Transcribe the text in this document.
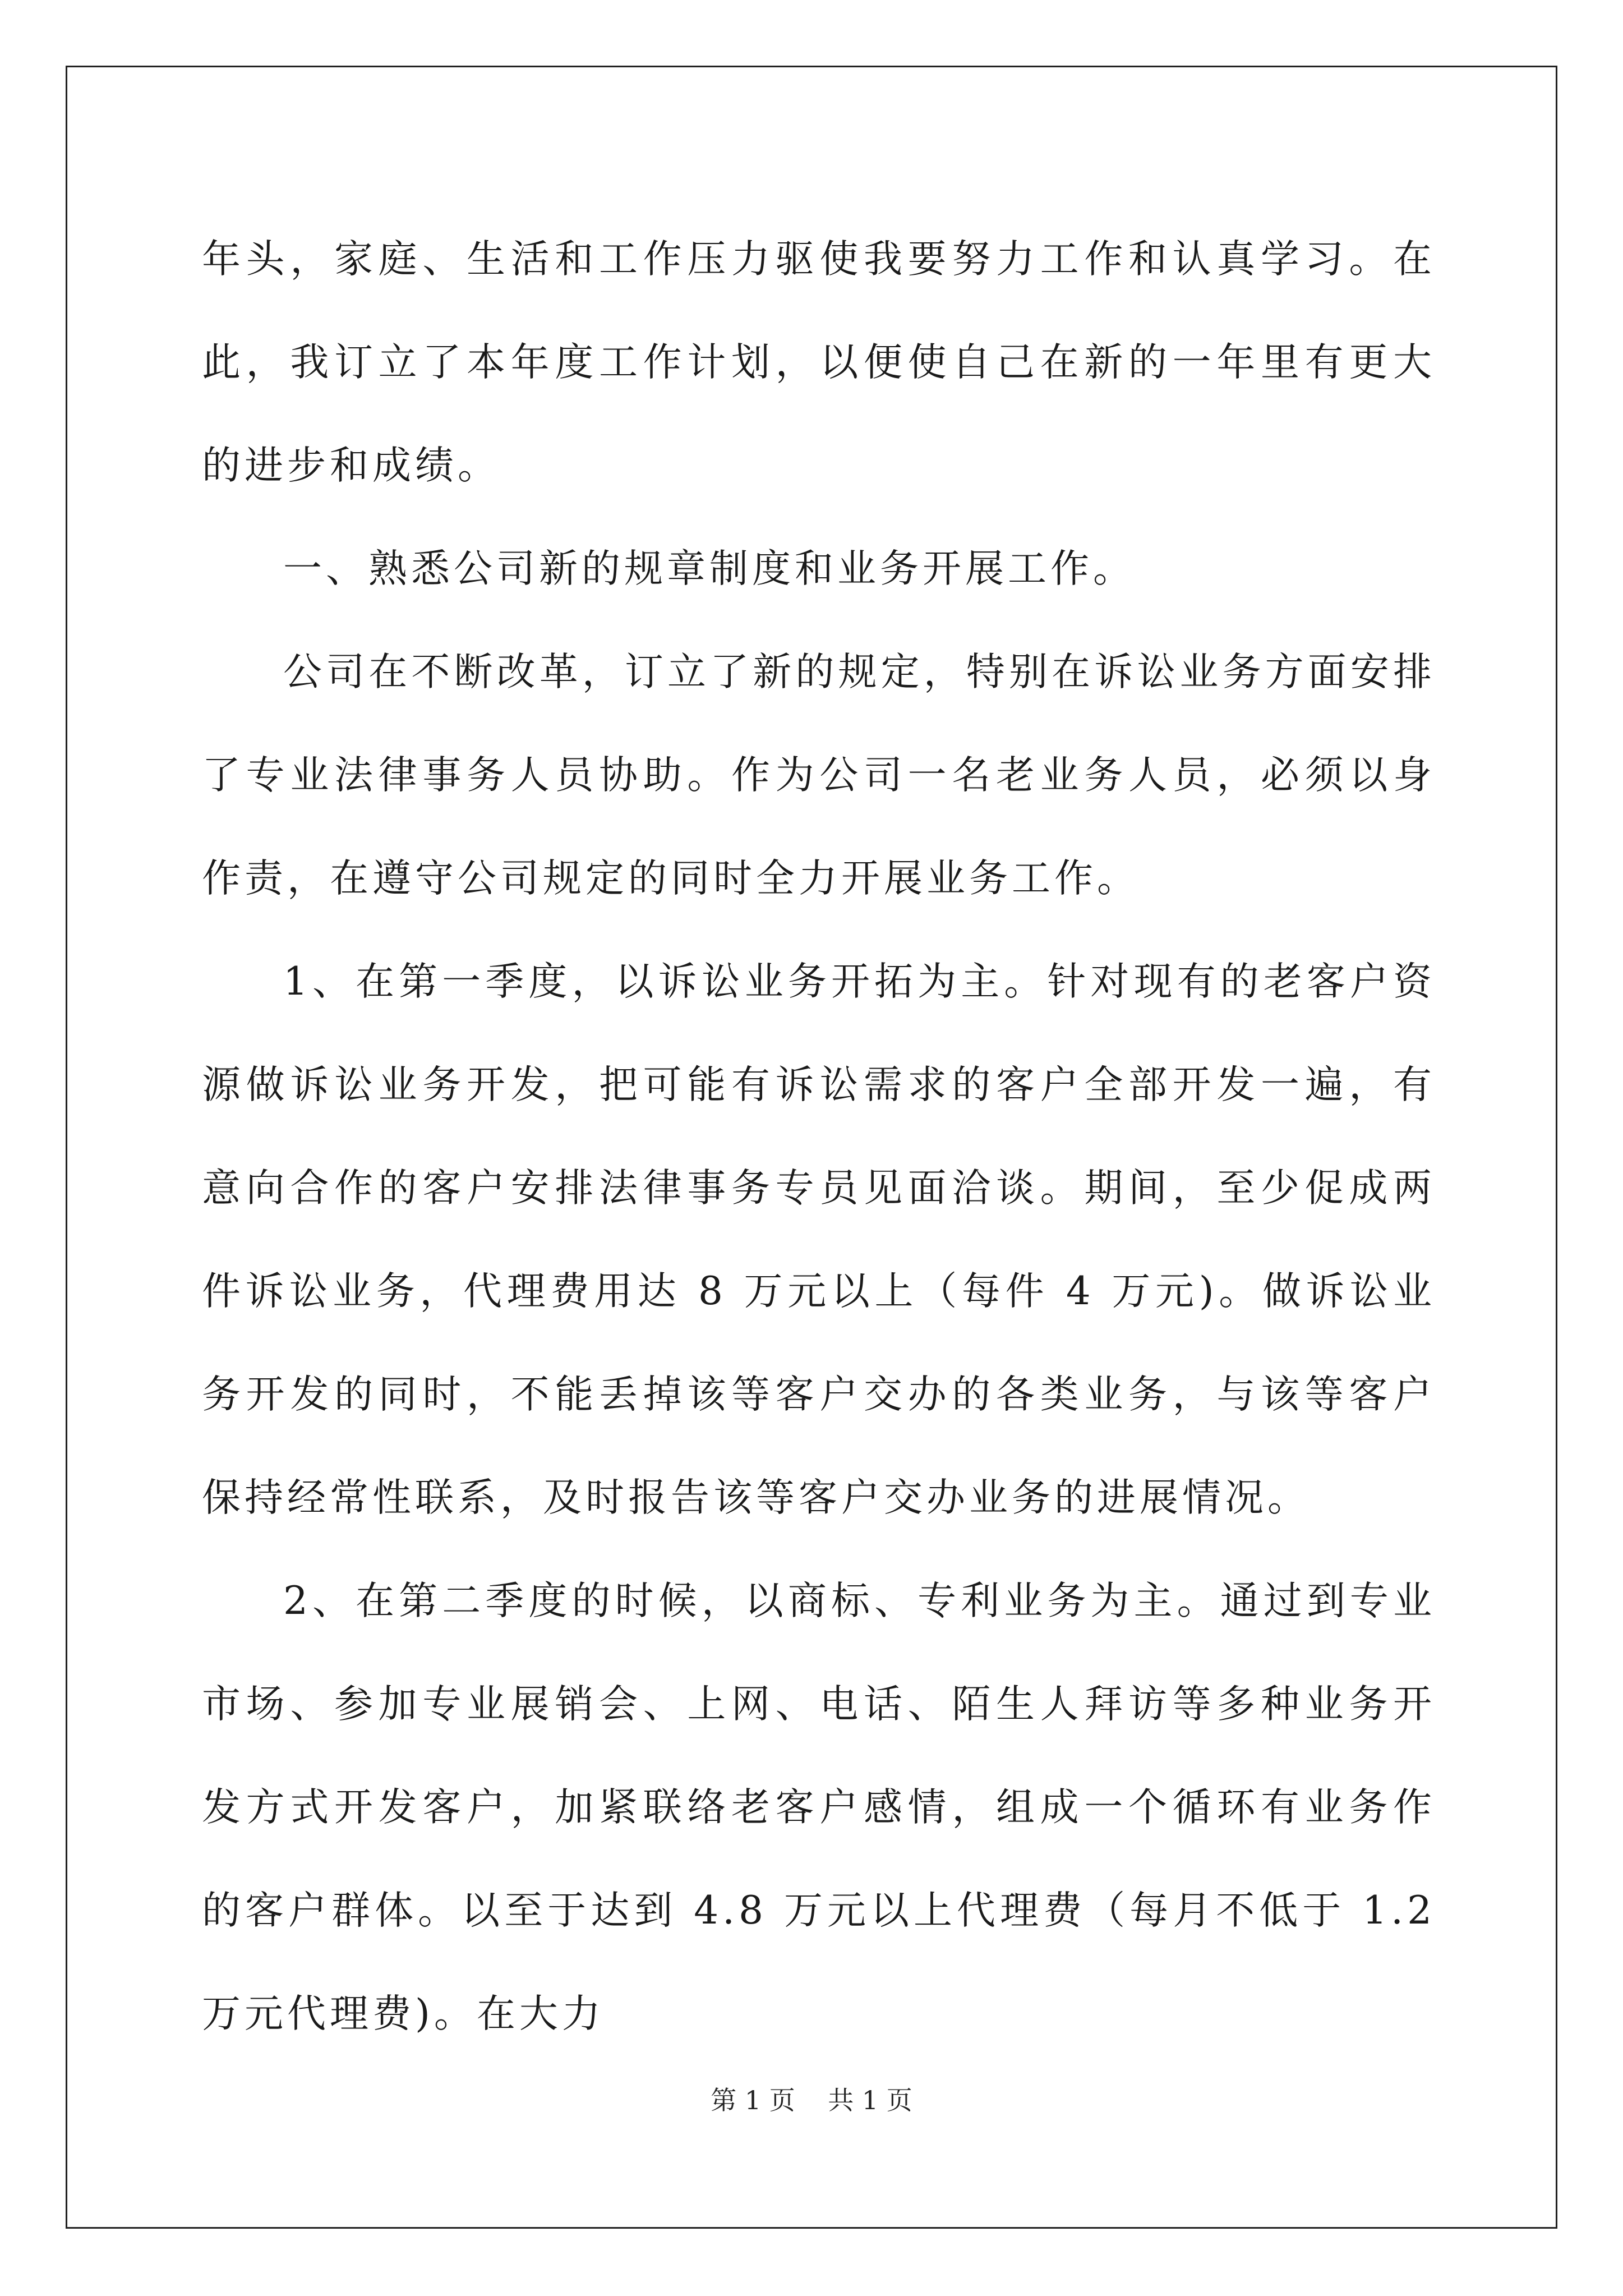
年头，家庭、生活和工作压力驱使我要努力工作和认真学习。在此，我订立了本年度工作计划，以便使自己在新的一年里有更大的进步和成绩。

一、熟悉公司新的规章制度和业务开展工作。

公司在不断改革，订立了新的规定，特别在诉讼业务方面安排了专业法律事务人员协助。作为公司一名老业务人员，必须以身作责，在遵守公司规定的同时全力开展业务工作。

1、在第一季度，以诉讼业务开拓为主。针对现有的老客户资源做诉讼业务开发，把可能有诉讼需求的客户全部开发一遍，有意向合作的客户安排法律事务专员见面洽谈。期间，至少促成两件诉讼业务，代理费用达 8 万元以上（每件 4 万元)。做诉讼业务开发的同时，不能丢掉该等客户交办的各类业务，与该等客户保持经常性联系，及时报告该等客户交办业务的进展情况。

2、在第二季度的时候，以商标、专利业务为主。通过到专业市场、参加专业展销会、上网、电话、陌生人拜访等多种业务开发方式开发客户，加紧联络老客户感情，组成一个循环有业务作的客户群体。以至于达到 4.8 万元以上代理费（每月不低于 1.2 万元代理费)。在大力

第 1 页    共 1 页
